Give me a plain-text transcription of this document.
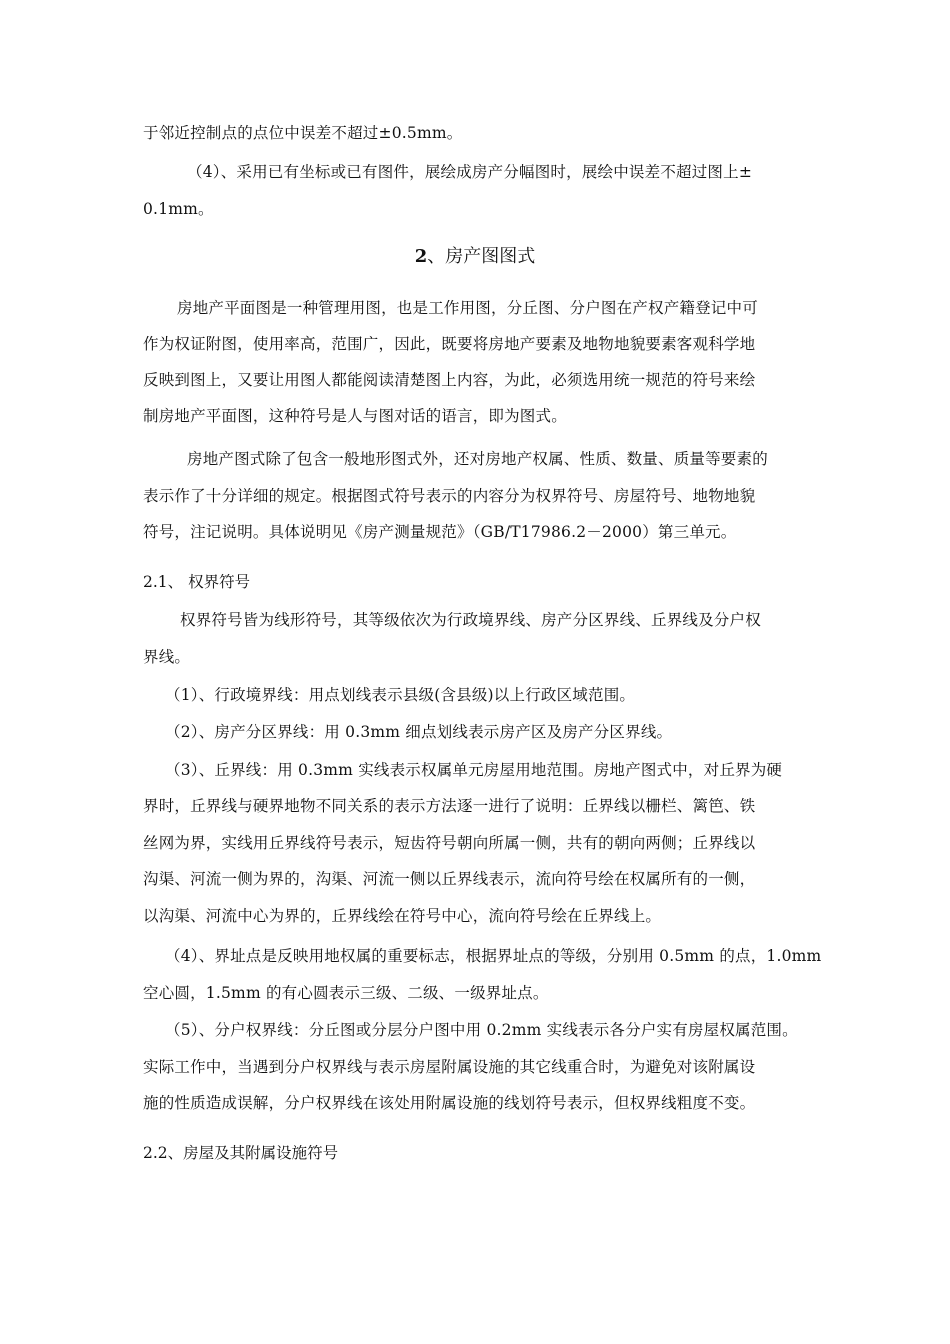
于邻近控制点的点位中误差不超过±0.5mm。
（4）、采用已有坐标或已有图件，展绘成房产分幅图时，展绘中误差不超过图上±
0.1mm。
2、房产图图式
房地产平面图是一种管理用图，也是工作用图，分丘图、分户图在产权产籍登记中可
作为权证附图，使用率高，范围广，因此，既要将房地产要素及地物地貌要素客观科学地
反映到图上，又要让用图人都能阅读清楚图上内容，为此，必须选用统一规范的符号来绘
制房地产平面图，这种符号是人与图对话的语言，即为图式。
房地产图式除了包含一般地形图式外，还对房地产权属、性质、数量、质量等要素的
表示作了十分详细的规定。根据图式符号表示的内容分为权界符号、房屋符号、地物地貌
符号，注记说明。具体说明见《房产测量规范》（GB/T17986.2－2000）第三单元。
2.1、 权界符号
权界符号皆为线形符号，其等级依次为行政境界线、房产分区界线、丘界线及分户权
界线。
（1）、行政境界线：用点划线表示县级(含县级)以上行政区域范围。
（2）、房产分区界线：用 0.3mm 细点划线表示房产区及房产分区界线。
（3）、丘界线：用 0.3mm 实线表示权属单元房屋用地范围。房地产图式中，对丘界为硬
界时，丘界线与硬界地物不同关系的表示方法逐一进行了说明：丘界线以栅栏、篱笆、铁
丝网为界，实线用丘界线符号表示，短齿符号朝向所属一侧，共有的朝向两侧；丘界线以
沟渠、河流一侧为界的，沟渠、河流一侧以丘界线表示，流向符号绘在权属所有的一侧，
以沟渠、河流中心为界的，丘界线绘在符号中心，流向符号绘在丘界线上。
（4）、界址点是反映用地权属的重要标志，根据界址点的等级，分别用 0.5mm 的点，1.0mm
空心圆，1.5mm 的有心圆表示三级、二级、一级界址点。
（5）、分户权界线：分丘图或分层分户图中用 0.2mm 实线表示各分户实有房屋权属范围。
实际工作中，当遇到分户权界线与表示房屋附属设施的其它线重合时，为避免对该附属设
施的性质造成误解，分户权界线在该处用附属设施的线划符号表示，但权界线粗度不变。
2.2、房屋及其附属设施符号
